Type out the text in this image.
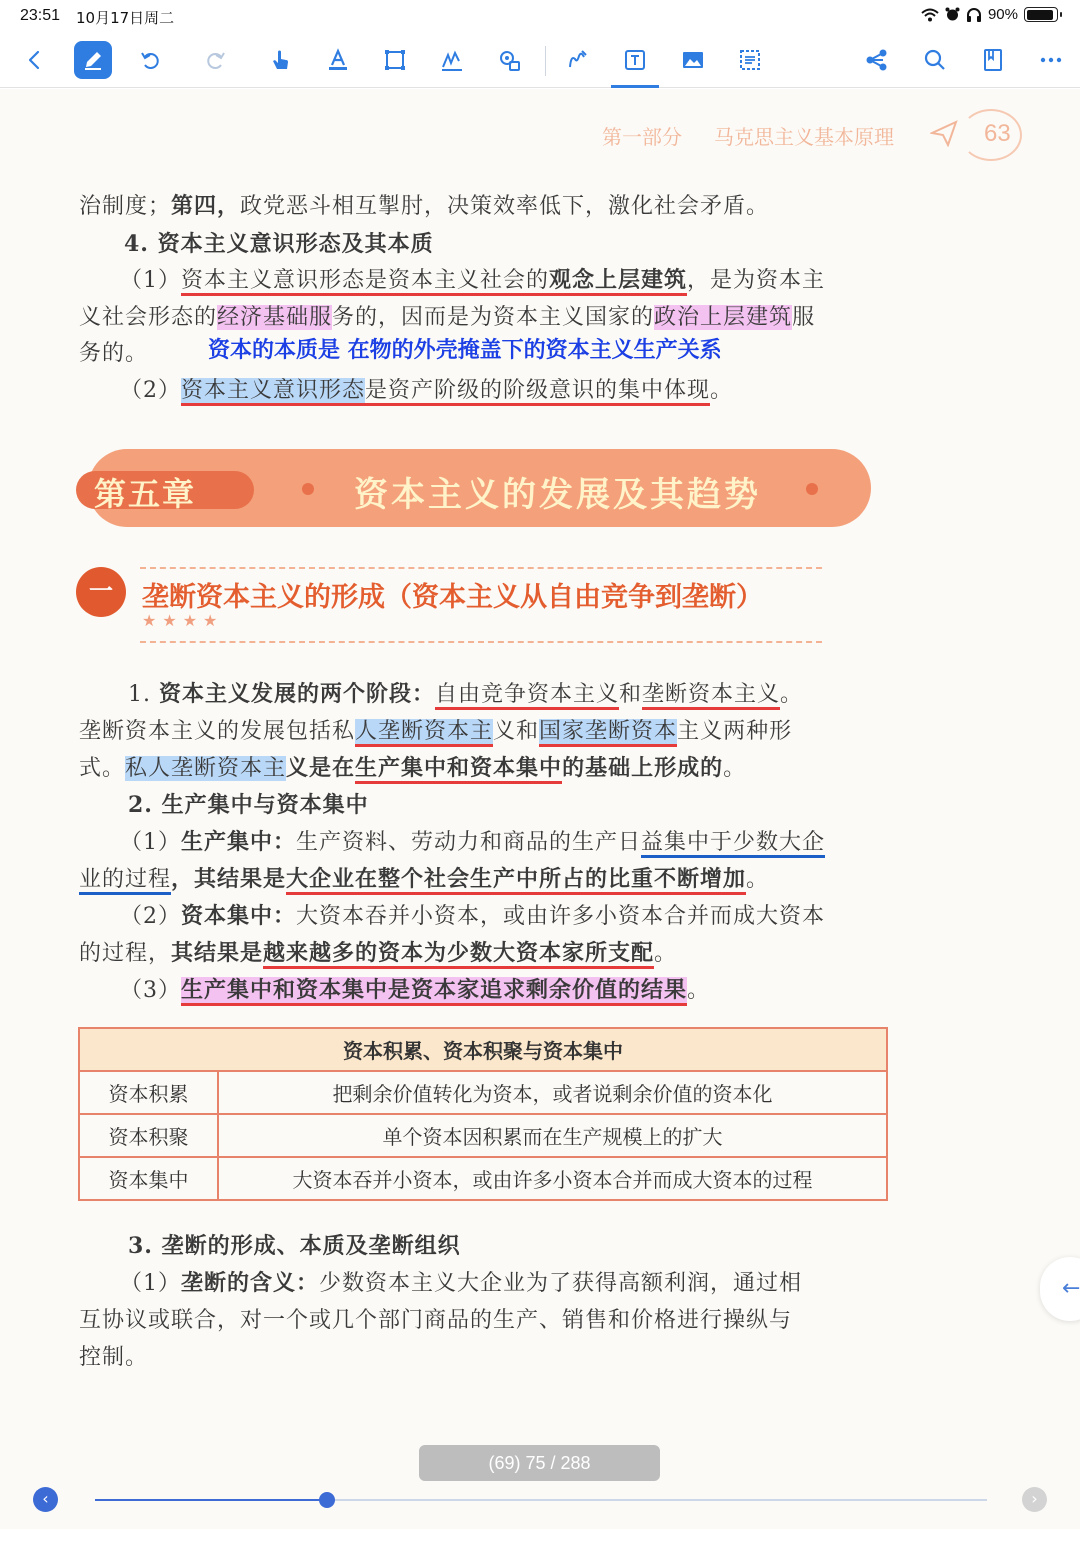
23:51 10月17日周二	90%
第一部分 马克思主义基本原理	63
治制度；第四，政党恶斗相互掣肘，决策效率低下，激化社会矛盾。
4. 资本主义意识形态及其本质
（1）资本主义意识形态是资本主义社会的观念上层建筑，是为资本主
义社会形态的经济基础服务的，因而是为资本主义国家的政治上层建筑服
务的。	资本的本质是 在物的外壳掩盖下的资本主义生产关系
（2）资本主义意识形态是资产阶级的阶级意识的集中体现。
第五章	资本主义的发展及其趋势
一	垄断资本主义的形成（资本主义从自由竞争到垄断）
★★★★
1. 资本主义发展的两个阶段：自由竞争资本主义和垄断资本主义。
垄断资本主义的发展包括私人垄断资本主义和国家垄断资本主义两种形
式。私人垄断资本主义是在生产集中和资本集中的基础上形成的。
2. 生产集中与资本集中
（1）生产集中：生产资料、劳动力和商品的生产日益集中于少数大企
业的过程，其结果是大企业在整个社会生产中所占的比重不断增加。
（2）资本集中：大资本吞并小资本，或由许多小资本合并而成大资本
的过程，其结果是越来越多的资本为少数大资本家所支配。
（3）生产集中和资本集中是资本家追求剩余价值的结果。
资本积累、资本积聚与资本集中	
资本积累	把剩余价值转化为资本，或者说剩余价值的资本化
资本积聚	单个资本因积累而在生产规模上的扩大
资本集中	大资本吞并小资本，或由许多小资本合并而成大资本的过程
3. 垄断的形成、本质及垄断组织
（1）垄断的含义：少数资本主义大企业为了获得高额利润，通过相
互协议或联合，对一个或几个部门商品的生产、销售和价格进行操纵与
控制。
←
(69) 75 / 288
‹	›
